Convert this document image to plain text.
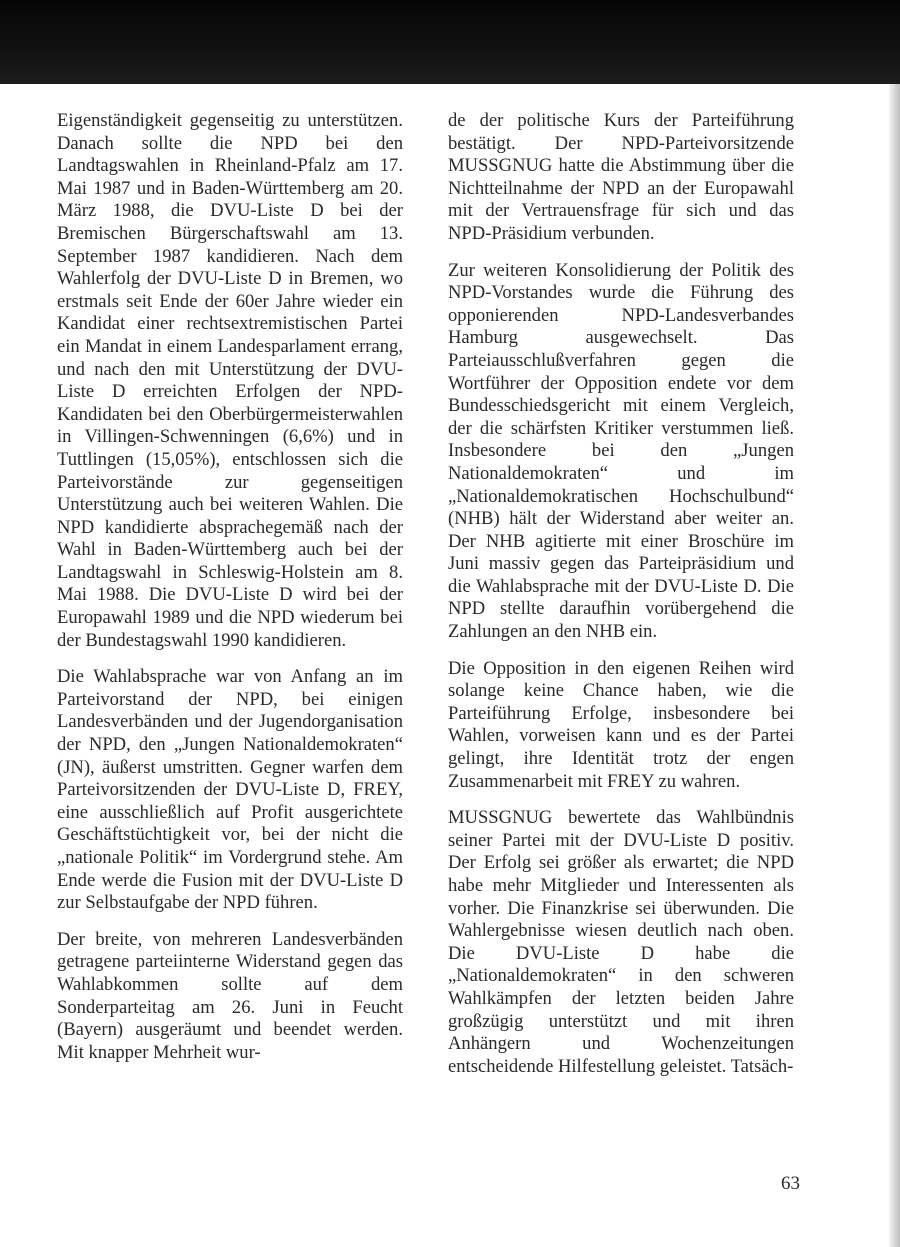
Eigenständigkeit gegenseitig zu unterstützen. Danach sollte die NPD bei den Landtagswahlen in Rheinland-Pfalz am 17. Mai 1987 und in Baden-Württemberg am 20. März 1988, die DVU-Liste D bei der Bremischen Bürgerschaftswahl am 13. September 1987 kandidieren. Nach dem Wahlerfolg der DVU-Liste D in Bremen, wo erstmals seit Ende der 60er Jahre wieder ein Kandidat einer rechtsextremistischen Partei ein Mandat in einem Landesparlament errang, und nach den mit Unterstützung der DVU-Liste D erreichten Erfolgen der NPD-Kandidaten bei den Oberbürgermeisterwahlen in Villingen-Schwenningen (6,6%) und in Tuttlingen (15,05%), entschlossen sich die Parteivorstände zur gegenseitigen Unterstützung auch bei weiteren Wahlen. Die NPD kandidierte absprachegemäß nach der Wahl in Baden-Württemberg auch bei der Landtagswahl in Schleswig-Holstein am 8. Mai 1988. Die DVU-Liste D wird bei der Europawahl 1989 und die NPD wiederum bei der Bundestagswahl 1990 kandidieren.

Die Wahlabsprache war von Anfang an im Parteivorstand der NPD, bei einigen Landesverbänden und der Jugendorganisation der NPD, den „Jungen Nationaldemokraten“ (JN), äußerst umstritten. Gegner warfen dem Parteivorsitzenden der DVU-Liste D, FREY, eine ausschließlich auf Profit ausgerichtete Geschäftstüchtigkeit vor, bei der nicht die „nationale Politik“ im Vordergrund stehe. Am Ende werde die Fusion mit der DVU-Liste D zur Selbstaufgabe der NPD führen.

Der breite, von mehreren Landesverbänden getragene parteiinterne Widerstand gegen das Wahlabkommen sollte auf dem Sonderparteitag am 26. Juni in Feucht (Bayern) ausgeräumt und beendet werden. Mit knapper Mehrheit wur-

de der politische Kurs der Parteiführung bestätigt. Der NPD-Parteivorsitzende MUSSGNUG hatte die Abstimmung über die Nichtteilnahme der NPD an der Europawahl mit der Vertrauensfrage für sich und das NPD-Präsidium verbunden.

Zur weiteren Konsolidierung der Politik des NPD-Vorstandes wurde die Führung des opponierenden NPD-Landesverbandes Hamburg ausgewechselt. Das Parteiausschlußverfahren gegen die Wortführer der Opposition endete vor dem Bundesschiedsgericht mit einem Vergleich, der die schärfsten Kritiker verstummen ließ. Insbesondere bei den „Jungen Nationaldemokraten“ und im „Nationaldemokratischen Hochschulbund“ (NHB) hält der Widerstand aber weiter an. Der NHB agitierte mit einer Broschüre im Juni massiv gegen das Parteipräsidium und die Wahlabsprache mit der DVU-Liste D. Die NPD stellte daraufhin vorübergehend die Zahlungen an den NHB ein.

Die Opposition in den eigenen Reihen wird solange keine Chance haben, wie die Parteiführung Erfolge, insbesondere bei Wahlen, vorweisen kann und es der Partei gelingt, ihre Identität trotz der engen Zusammenarbeit mit FREY zu wahren.

MUSSGNUG bewertete das Wahlbündnis seiner Partei mit der DVU-Liste D positiv. Der Erfolg sei größer als erwartet; die NPD habe mehr Mitglieder und Interessenten als vorher. Die Finanzkrise sei überwunden. Die Wahlergebnisse wiesen deutlich nach oben. Die DVU-Liste D habe die „Nationaldemokraten“ in den schweren Wahlkämpfen der letzten beiden Jahre großzügig unterstützt und mit ihren Anhängern und Wochenzeitungen entscheidende Hilfestellung geleistet. Tatsäch-

63
